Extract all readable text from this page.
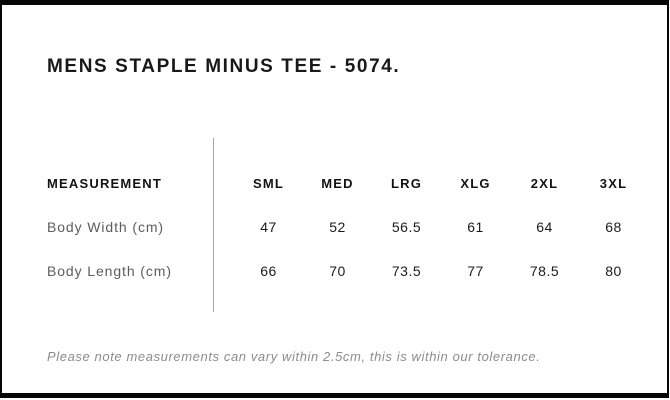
MENS STAPLE MINUS TEE - 5074.
MEASUREMENT	SML	MED	LRG	XLG	2XL	3XL
Body Width (cm)	47	52	56.5	61	64	68
Body Length (cm)	66	70	73.5	77	78.5	80
Please note measurements can vary within 2.5cm, this is within our tolerance.
